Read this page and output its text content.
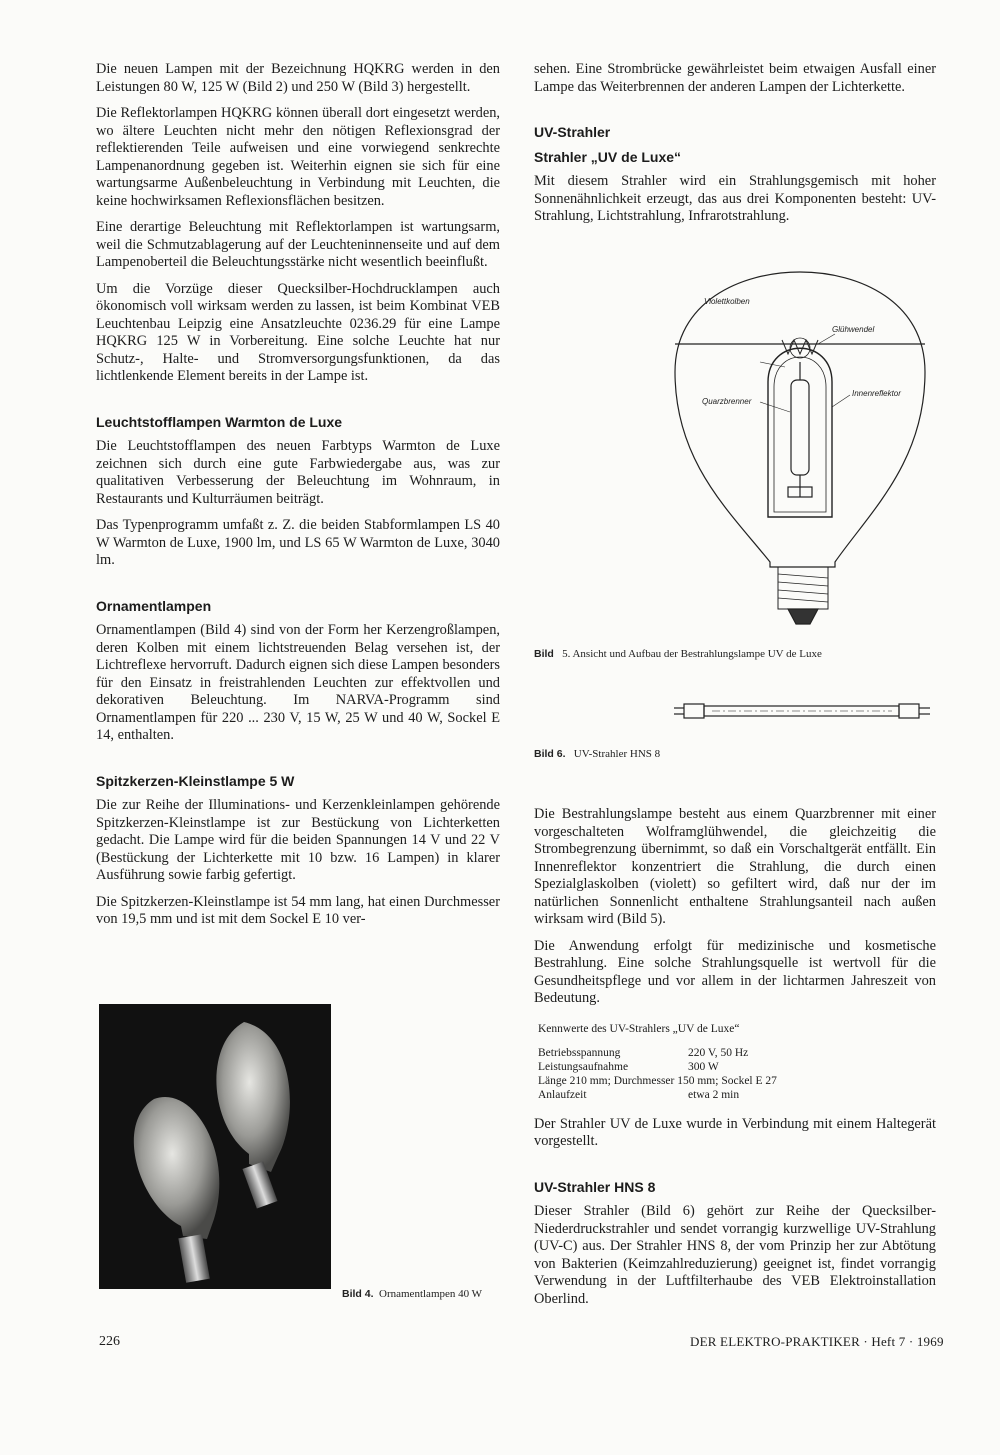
Die neuen Lampen mit der Bezeichnung HQKRG werden in den Leistungen 80 W, 125 W (Bild 2) und 250 W (Bild 3) hergestellt.

Die Reflektorlampen HQKRG können überall dort eingesetzt werden, wo ältere Leuchten nicht mehr den nötigen Reflexionsgrad der reflektierenden Teile aufweisen und eine vorwiegend senkrechte Lampenanordnung gegeben ist. Weiterhin eignen sie sich für eine wartungsarme Außenbeleuchtung in Verbindung mit Leuchten, die keine hochwirksamen Reflexionsflächen besitzen.

Eine derartige Beleuchtung mit Reflektorlampen ist wartungsarm, weil die Schmutzablagerung auf der Leuchteninnenseite und auf dem Lampenoberteil die Beleuchtungsstärke nicht wesentlich beeinflußt.

Um die Vorzüge dieser Quecksilber-Hochdrucklampen auch ökonomisch voll wirksam werden zu lassen, ist beim Kombinat VEB Leuchtenbau Leipzig eine Ansatzleuchte 0236.29 für eine Lampe HQKRG 125 W in Vorbereitung. Eine solche Leuchte hat nur Schutz-, Halte- und Stromversorgungsfunktionen, da das lichtlenkende Element bereits in der Lampe ist.

Leuchtstofflampen Warmton de Luxe

Die Leuchtstofflampen des neuen Farbtyps Warmton de Luxe zeichnen sich durch eine gute Farbwiedergabe aus, was zur qualitativen Verbesserung der Beleuchtung im Wohnraum, in Restaurants und Kulturräumen beiträgt.

Das Typenprogramm umfaßt z. Z. die beiden Stabformlampen LS 40 W Warmton de Luxe, 1900 lm, und LS 65 W Warmton de Luxe, 3040 lm.

Ornamentlampen

Ornamentlampen (Bild 4) sind von der Form her Kerzengroßlampen, deren Kolben mit einem lichtstreuenden Belag versehen ist, der Lichtreflexe hervorruft. Dadurch eignen sich diese Lampen besonders für den Einsatz in freistrahlenden Leuchten zur effektvollen und dekorativen Beleuchtung. Im NARVA-Programm sind Ornamentlampen für 220 ... 230 V, 15 W, 25 W und 40 W, Sockel E 14, enthalten.

Spitzkerzen-Kleinstlampe 5 W

Die zur Reihe der Illuminations- und Kerzenkleinlampen gehörende Spitzkerzen-Kleinstlampe ist zur Bestückung von Lichterketten gedacht. Die Lampe wird für die beiden Spannungen 14 V und 22 V (Bestückung der Lichterkette mit 10 bzw. 16 Lampen) in klarer Ausführung sowie farbig gefertigt.

Die Spitzkerzen-Kleinstlampe ist 54 mm lang, hat einen Durchmesser von 19,5 mm und ist mit dem Sockel E 10 ver-

sehen. Eine Strombrücke gewährleistet beim etwaigen Ausfall einer Lampe das Weiterbrennen der anderen Lampen der Lichterkette.

UV-Strahler
Strahler „UV de Luxe“

Mit diesem Strahler wird ein Strahlungsgemisch mit hoher Sonnenähnlichkeit erzeugt, das aus drei Komponenten besteht: UV-Strahlung, Lichtstrahlung, Infrarotstrahlung.

Violettkolben
Glühwendel
Innenreflektor
Quarzbrenner
Bild 5. Ansicht und Aufbau der Bestrahlungslampe UV de Luxe
Bild 6. UV-Strahler HNS 8

Die Bestrahlungslampe besteht aus einem Quarzbrenner mit einer vorgeschalteten Wolframglühwendel, die gleichzeitig die Strombegrenzung übernimmt, so daß ein Vorschaltgerät entfällt. Ein Innenreflektor konzentriert die Strahlung, die durch einen Spezialglaskolben (violett) so gefiltert wird, daß nur der im natürlichen Sonnenlicht enthaltene Strahlungsanteil nach außen wirksam wird (Bild 5).

Die Anwendung erfolgt für medizinische und kosmetische Bestrahlung. Eine solche Strahlungsquelle ist wertvoll für die Gesundheitspflege und vor allem in der lichtarmen Jahreszeit von Bedeutung.

Kennwerte des UV-Strahlers „UV de Luxe“
Betriebsspannung	220 V, 50 Hz
Leistungsaufnahme	300 W
Länge 210 mm; Durchmesser 150 mm; Sockel E 27	
Anlaufzeit	etwa 2 min

Der Strahler UV de Luxe wurde in Verbindung mit einem Haltegerät vorgestellt.

UV-Strahler HNS 8

Dieser Strahler (Bild 6) gehört zur Reihe der Quecksilber-Niederdruckstrahler und sendet vorrangig kurzwellige UV-Strahlung (UV-C) aus. Der Strahler HNS 8, der vom Prinzip her zur Abtötung von Bakterien (Keimzahlreduzierung) geeignet ist, findet vorrangig Verwendung in der Luftfilterhaube des VEB Elektroinstallation Oberlind.

Bild 4. Ornamentlampen 40 W
226	DER ELEKTRO-PRAKTIKER · Heft 7 · 1969
